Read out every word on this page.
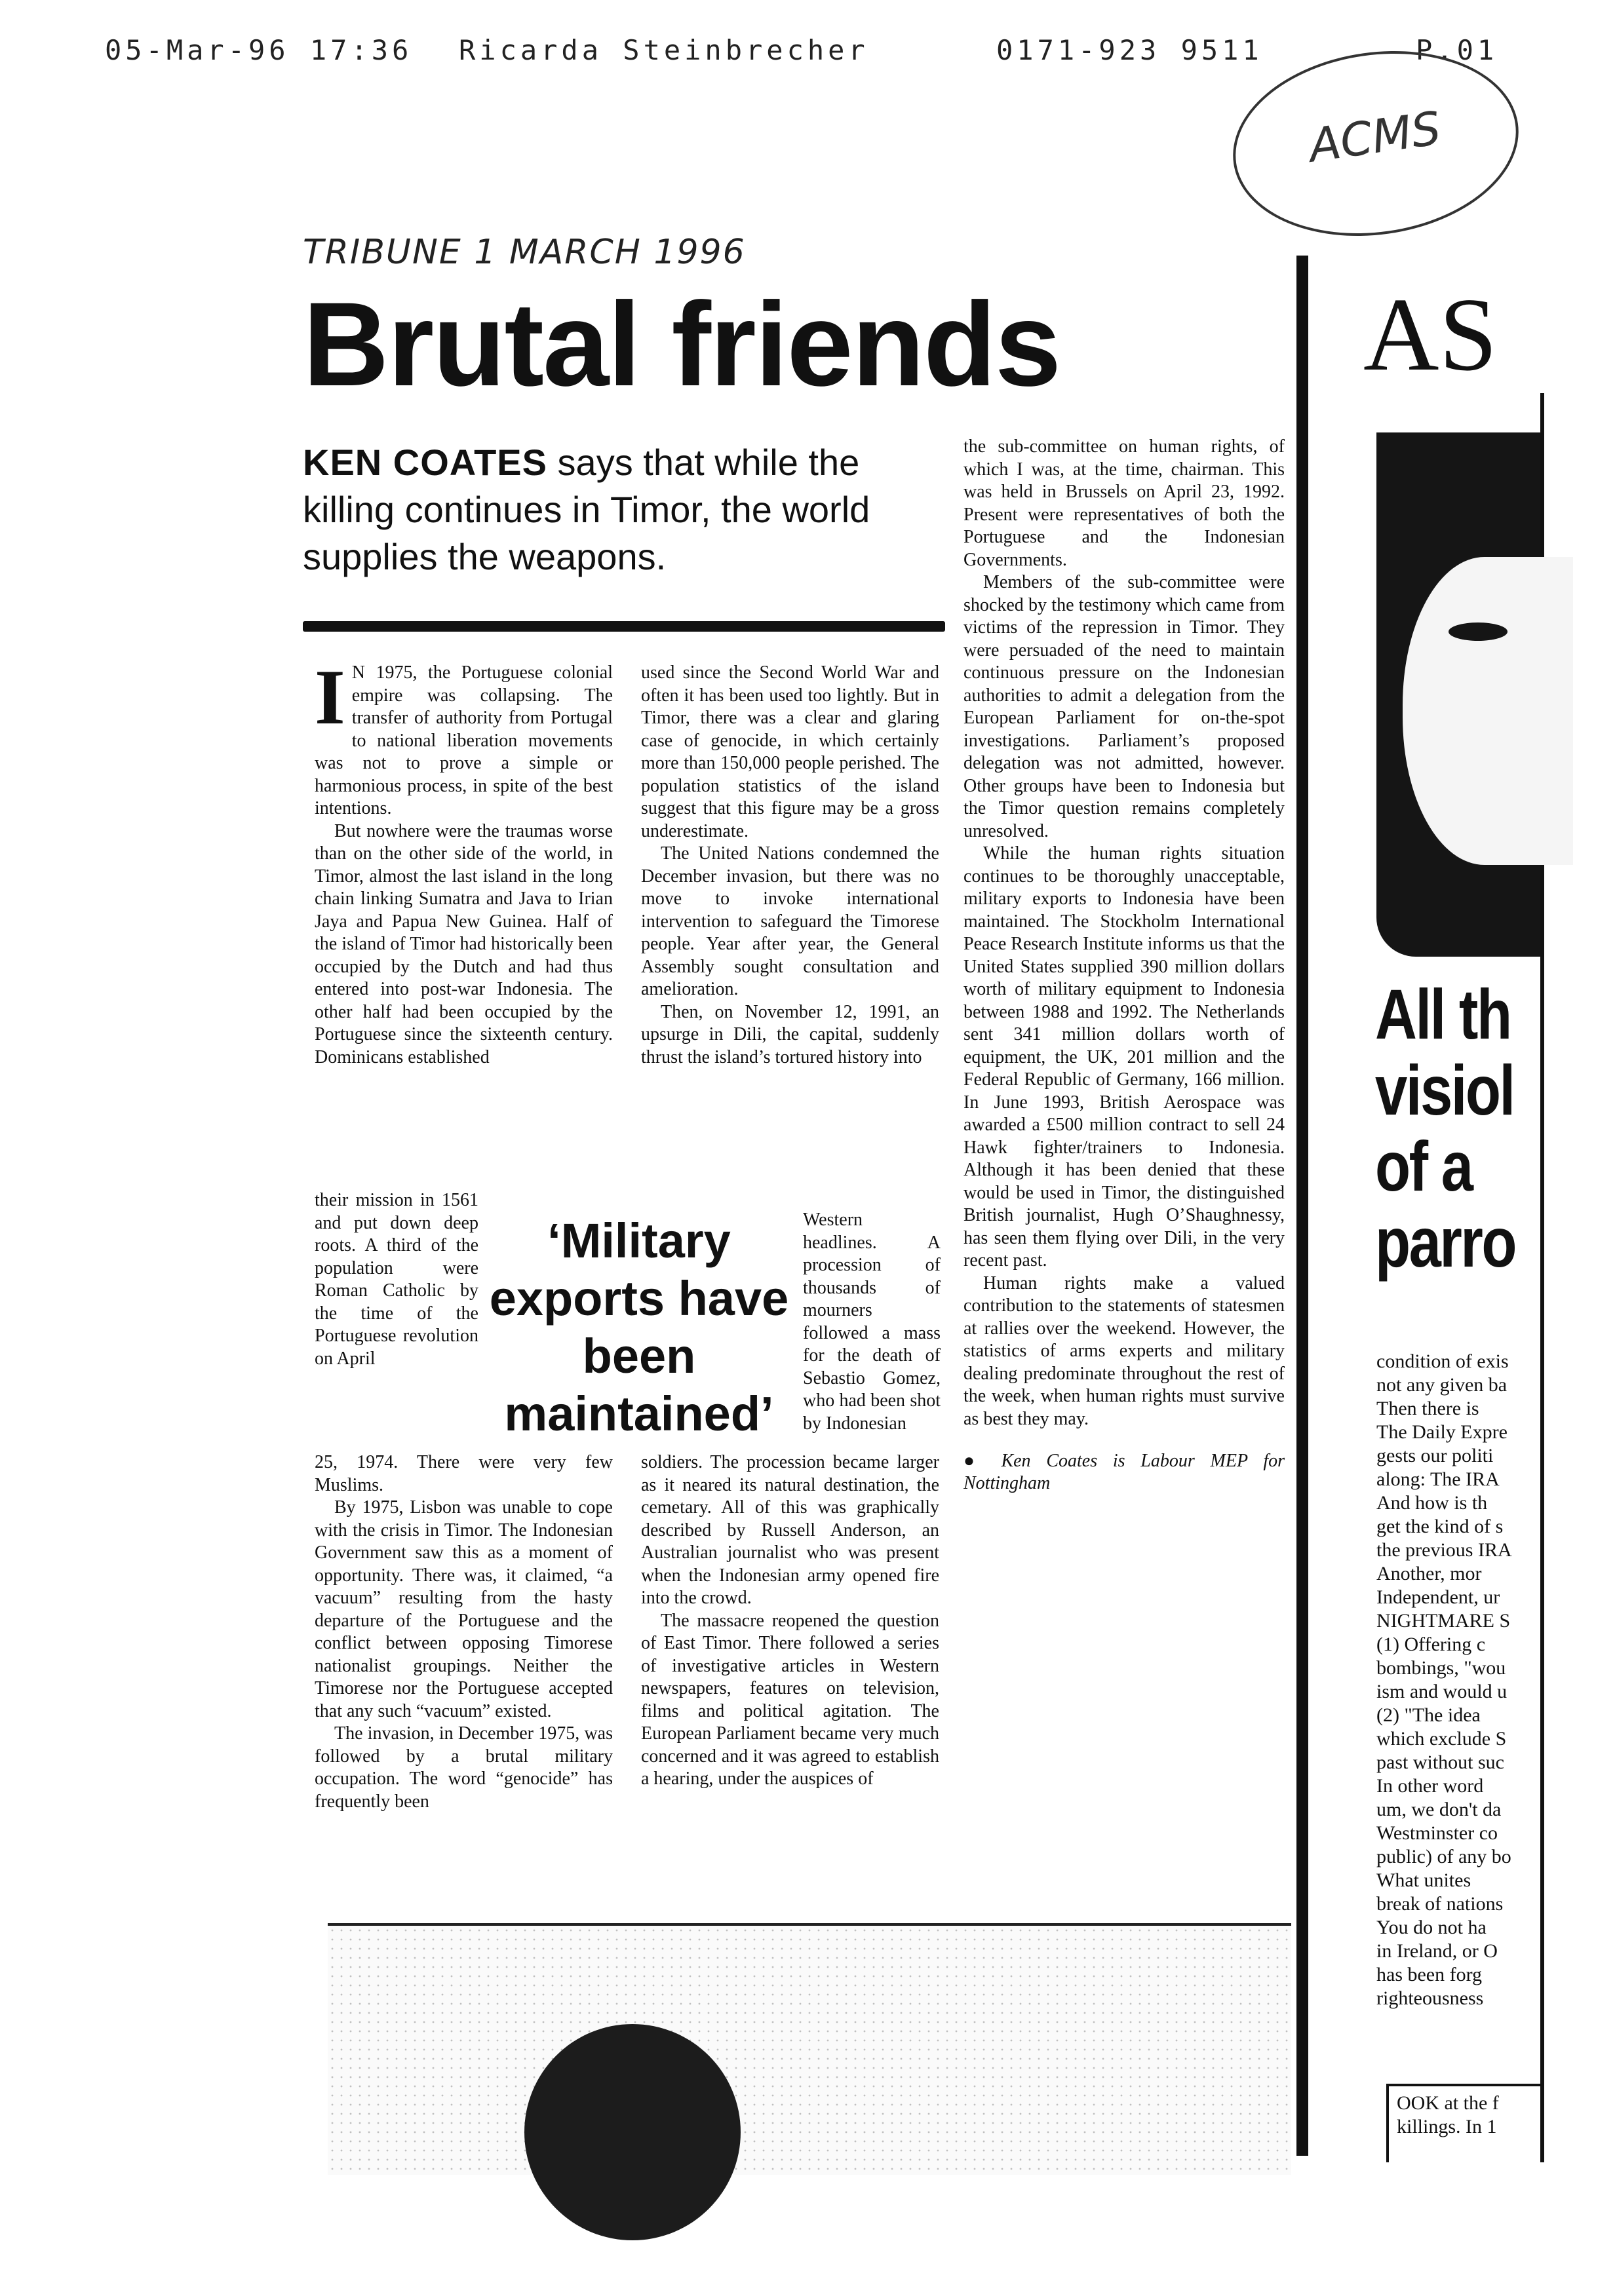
05-Mar-96 17:36 Ricarda Steinbrecher	0171-923 9511	P.01
ACMS
TRIBUNE 1 MARCH 1996
Brutal friends
KEN COATES says that while the killing continues in Timor, the world supplies the weapons.

I N 1975, the Portuguese colonial empire was collapsing. The transfer of authority from Portugal to national liberation movements was not to prove a simple or harmonious process, in spite of the best intentions.

But nowhere were the traumas worse than on the other side of the world, in Timor, almost the last island in the long chain linking Sumatra and Java to Irian Jaya and Papua New Guinea. Half of the island of Timor had historically been occupied by the Dutch and had thus entered into post-war Indonesia. The other half had been occupied by the Portuguese since the sixteenth century. Dominicans established

their mission in 1561 and put down deep roots. A third of the population were Roman Catholic by the time of the Portuguese revolution on April

25, 1974. There were very few Muslims.

By 1975, Lisbon was unable to cope with the crisis in Timor. The Indonesian Government saw this as a moment of opportunity. There was, it claimed, “a vacuum” resulting from the hasty departure of the Portuguese and the conflict between opposing Timorese nationalist groupings. Neither the Timorese nor the Portuguese accepted that any such “vacuum” existed.

The invasion, in December 1975, was followed by a brutal military occupation. The word “genocide” has frequently been

‘Military exports have been maintained’

used since the Second World War and often it has been used too lightly. But in Timor, there was a clear and glaring case of genocide, in which certainly more than 150,000 people perished. The population statistics of the island suggest that this figure may be a gross underestimate.

The United Nations condemned the December invasion, but there was no move to invoke international intervention to safeguard the Timorese people. Year after year, the General Assembly sought consultation and amelioration.

Then, on November 12, 1991, an upsurge in Dili, the capital, suddenly thrust the island’s tortured history into

Western headlines. A procession of thousands of mourners followed a mass for the death of Sebastio Gomez, who had been shot by Indonesian

soldiers. The procession became larger as it neared its natural destination, the cemetary. All of this was graphically described by Russell Anderson, an Australian journalist who was present when the Indonesian army opened fire into the crowd.

The massacre reopened the question of East Timor. There followed a series of investigative articles in Western newspapers, features on television, films and political agitation. The European Parliament became very much concerned and it was agreed to establish a hearing, under the auspices of

the sub-committee on human rights, of which I was, at the time, chairman. This was held in Brussels on April 23, 1992. Present were representatives of both the Portuguese and the Indonesian Governments.

Members of the sub-committee were shocked by the testimony which came from victims of the repression in Timor. They were persuaded of the need to maintain continuous pressure on the Indonesian authorities to admit a delegation from the European Parliament for on-the-spot investigations. Parliament’s proposed delegation was not admitted, however. Other groups have been to Indonesia but the Timor question remains completely unresolved.

While the human rights situation continues to be thoroughly unacceptable, military exports to Indonesia have been maintained. The Stockholm International Peace Research Institute informs us that the United States supplied 390 million dollars worth of military equipment to Indonesia between 1988 and 1992. The Netherlands sent 341 million dollars worth of equipment, the UK, 201 million and the Federal Republic of Germany, 166 million. In June 1993, British Aerospace was awarded a £500 million contract to sell 24 Hawk fighter/trainers to Indonesia. Although it has been denied that these would be used in Timor, the distinguished British journalist, Hugh O’Shaughnessy, has seen them flying over Dili, in the very recent past.

Human rights make a valued contribution to the statements of statesmen at rallies over the weekend. However, the statistics of arms experts and military dealing predominate throughout the rest of the week, when human rights must survive as best they may.

● Ken Coates is Labour MEP for Nottingham

AS
All th
visiol
of a
parro
condition of exis
not any given ba
Then there is
The Daily Expre
gests our politi
along: The IRA
And how is th
get the kind of s
the previous IRA
Another, mor
Independent, ur
NIGHTMARE S
(1) Offering c
bombings, "wou
ism and would u
(2) "The idea
which exclude S
past without suc
In other word
um, we don't da
Westminster co
public) of any bo
What unites
break of nations
You do not ha
in Ireland, or O
has been forg
righteousness
OOK at the f
killings. In 1
